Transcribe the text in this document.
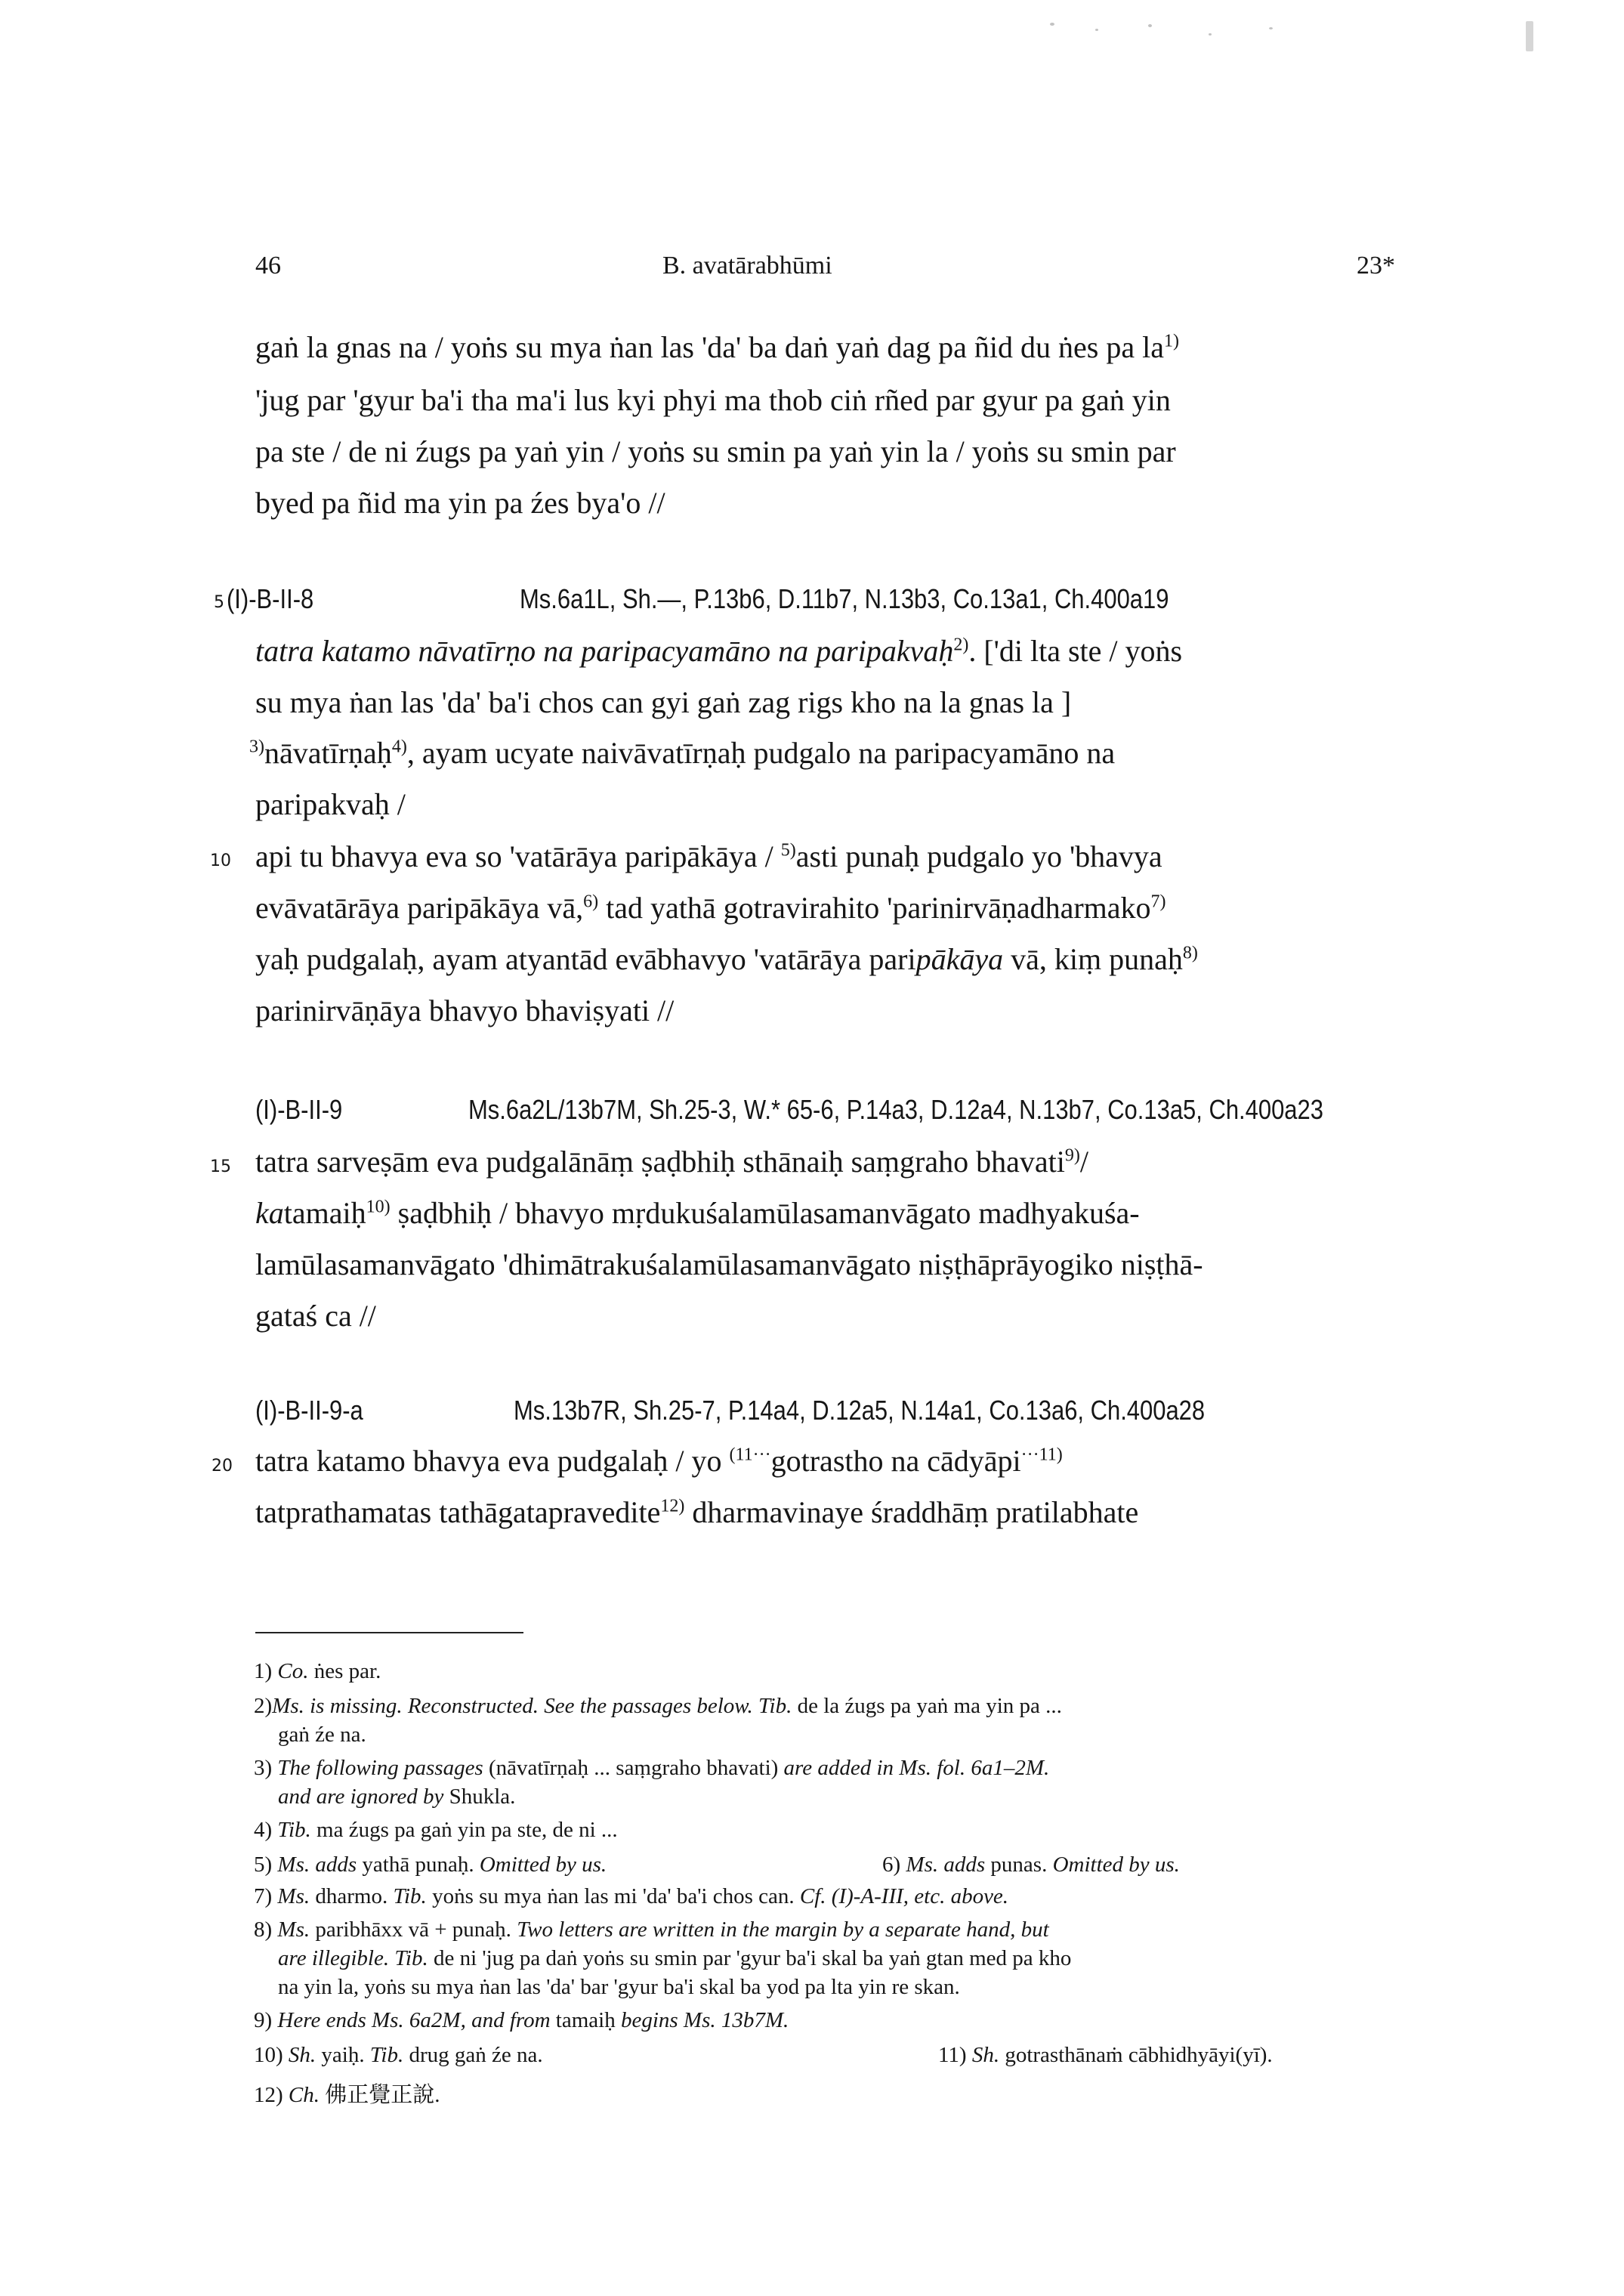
46	B. avatārabhūmi	23*
gaṅ la gnas na / yoṅs su mya ṅan las 'da' ba daṅ yaṅ dag pa ñid du ṅes pa $la^{1)}$
'jug par 'gyur ba'i tha ma'i lus kyi phyi ma thob ciṅ rñed par gyur pa gaṅ yin
pa ste / de ni źugs pa yaṅ yin / yoṅs su smin pa yaṅ yin la / yoṅs su smin par
byed pa ñid ma yin pa źes bya'o //
5 (I)-B-II-8	Ms.6a1L, Sh.—, P.13b6, D.11b7, N.13b3, Co.13a1, Ch.400a19
tatra katamo nāvatīrṇo na paripacyamāno na paripakvaḥ$^{2)}$. ['di lta ste / yoṅs
su mya ṅan las 'da' ba'i chos can gyi gaṅ zag rigs kho na la gnas la ]
$^{3)}$nāvatīrṇaḥ$^{4)}$, ayam ucyate naivāvatīrṇaḥ pudgalo na paripacyamāno na
paripakvaḥ /
10 api tu bhavya eva so 'vatārāya paripākāya / $^{5)}$asti punaḥ pudgalo yo 'bhavya
evāvatārāya paripākāya vā,$^{6)}$ tad yathā gotravirahito 'parinirvāṇadharmako$^{7)}$
yaḥ pudgalaḥ, ayam atyantād evābhavyo 'vatārāya paripākāya vā, kiṃ punaḥ$^{8)}$
parinirvāṇāya bhavyo bhaviṣyati //
(I)-B-II-9	Ms.6a2L/13b7M, Sh.25-3, W.* 65-6, P.14a3, D.12a4, N.13b7, Co.13a5, Ch.400a23
15 tatra sarveṣām eva pudgalānāṃ ṣaḍbhiḥ sthānaiḥ saṃgraho bhavati$^{9)}$/
katamaiḥ$^{10)}$ ṣaḍbhiḥ / bhavyo mṛdukuśalamūlasamanvāgato madhyakuśa-
lamūlasamanvāgato 'dhimātrakuśalamūlasamanvāgato niṣṭhāprāyogiko niṣṭhā-
gataś ca //
(I)-B-II-9-a	Ms.13b7R, Sh.25-7, P.14a4, D.12a5, N.14a1, Co.13a6, Ch.400a28
20 tatra katamo bhavya eva pudgalaḥ / yo $^{(11\cdot\cdot\cdot}$gotrastho na cādyāpi$^{\cdot\cdot\cdot 11)}$
tatprathamatas tathāgatapravedite$^{12)}$ dharmavinaye śraddhāṃ pratilabhate
1) Co. ṅes par.
2)Ms. is missing. Reconstructed. See the passages below. Tib. de la źugs pa yaṅ ma yin pa ...
gaṅ źe na.
3) The following passages (nāvatīrṇaḥ ... saṃgraho bhavati) are added in Ms. fol. 6a1–2M.
and are ignored by Shukla.
4) Tib. ma źugs pa gaṅ yin pa ste, de ni ...
5) Ms. adds yathā punaḥ. Omitted by us.	6) Ms. adds punas. Omitted by us.
7) Ms. dharmo. Tib. yoṅs su mya ṅan las mi 'da' ba'i chos can. Cf. (I)-A-III, etc. above.
8) Ms. paribhāxx vā + punaḥ. Two letters are written in the margin by a separate hand, but
are illegible. Tib. de ni 'jug pa daṅ yoṅs su smin par 'gyur ba'i skal ba yaṅ gtan med pa kho
na yin la, yoṅs su mya ṅan las 'da' bar 'gyur ba'i skal ba yod pa lta yin re skan.
9) Here ends Ms. 6a2M, and from tamaiḥ begins Ms. 13b7M.
10) Sh. yaiḥ. Tib. drug gaṅ źe na.	11) Sh. gotrasthānaṁ cābhidhyāyi(yī).
12) Ch. 佛正覺正說.
